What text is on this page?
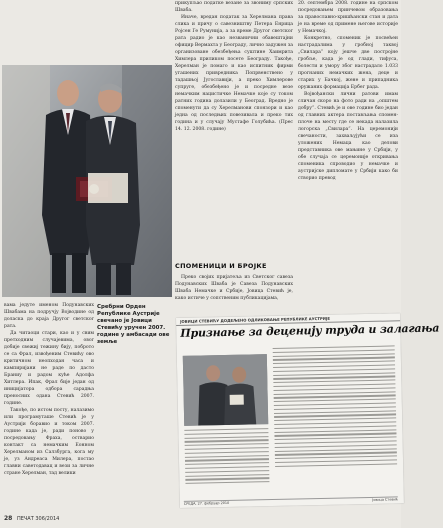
прикупљао податке везане за звониму српских Шваба.

Иначе, вредан податак за Херелмана права слика и причу о савезништву Петера Енрица Ројсен Ге Румунија, а за време Другог светског рата радио је као незванични обавештајни официр Вермахта у Београду, лично задужен за организоване обезбеђења суштине Хаимрита Химлера приликом посете Београду. Такође, Херелман је помаго и као испитник фирми угашених привредника Попрвенствено у тадашњој Југославији, а преко Химлерове супруге, обезбеђено је и посредне везе немачким нацистичке Немачке које су током ратних година долазили у Београд. Вредно је споменути да су Херелманови спонзори и као једна од последњих повезивала и преко тих година и у случају Мустафе Голубића. (Прес 14. 12. 2008. године)

СПОМЕНИЦИ И БРОЈКЕ

Преко својих пријатеља из Светског савеза Подунавских Шваба је Савеза Подунавских Шваба Немачке и Србије, Јовица Стевић је, како истиче у сопственим публикацијама,

20. септембра 2008. године на српском посредовањем принчевом образовања за православно-хришћански стан и дата је на време од примене његове историје у Немачкој.

Конкретно, споменик је посвећен настрадалима у гробној таквој „Свилара“ коју јешче две постројне гробље, када је од глади, тифуса, болести и умору због настрадало 1.033 прогнаних немачких жена, деце и старих у Бачкој, жене и припадника оружаних формација Ербег рада.

Војвођански лични ратови имам сличан скоро на фото ради на „општем добру“. Стевић је и ове године био један од главних актера постављања спомен-плоче на месту где се некада налазила логорска „Свилара“. На церемонији свечаности, захваљујући се иза уложених Немаца као делови представника ове мањине у Србији, у обе случаја се церемоније откривања споменика спроводио у немачке и аустријске дипломате у Србији како би створио превод

Сребрни Орден Републике Аустрије свечано је Јовици Стевићу уручен 2007. године у амбасади ове земље

вама једуте именом Подунавских Швабама на подручју Војводине од доласка до краја Другог светског рата.

Да читаоци стари, као и у свим претходним случајевима, овог добије свежиј тежину бију, поброто се са Фрал, извођеним Стевићу ово критичном неопходан часа и кампиријани не раде по дасто Браниу и радом куће Адолфа Хитлера. Ипак, Фрал бије један од иницијатора одбора сарадња преносних одана Стевић 2007. године.

Такође, по истом посту, налазимо или програмуташе Стевић је у Аустрији боравио и током 2007. године када је, ради поново у посредовању Фраха, остварио контакт са немачким Еонном Херелманом из Салзбурга, кога му је, уз Андреаса Милера, постао главни саветодавац и вези за личне стране Херелман, тад велики

ЈОВИЦИ СТЕВИЋУ ДОДЕЉЕНО ОДЛИКОВАЊЕ РЕПУБЛИКЕ АУСТРИЈЕ
Признање за деценију труда и залагања
СРЕДА, 27. фебруар 2010
Јовица Стевић
28 ПЕЧАТ 306/2014
